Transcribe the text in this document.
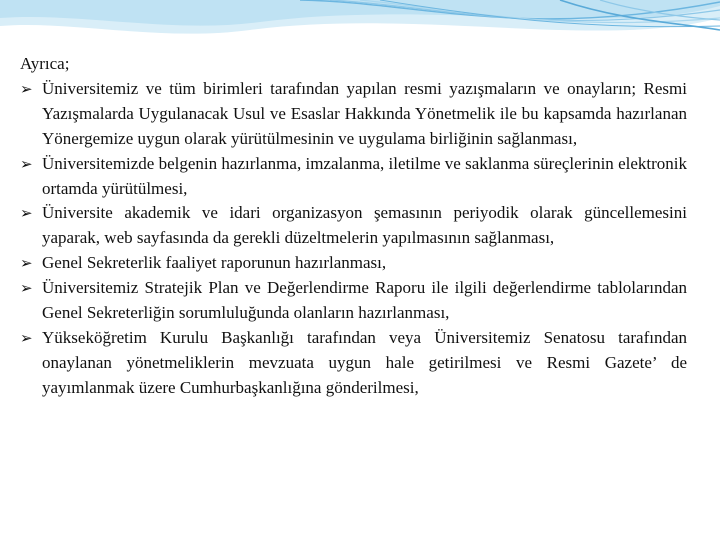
Ayrıca;

➢ Üniversitemiz ve tüm birimleri tarafından yapılan resmi yazışmaların ve onayların; Resmi Yazışmalarda Uygulanacak Usul ve Esaslar Hakkında Yönetmelik ile bu kapsamda hazırlanan Yönergemize uygun olarak yürütülmesinin ve uygulama birliğinin sağlanması,
➢ Üniversitemizde belgenin hazırlanma, imzalanma, iletilme ve saklanma süreçlerinin elektronik ortamda yürütülmesi,
➢ Üniversite akademik ve idari organizasyon şemasının periyodik olarak güncellemesini yaparak, web sayfasında da gerekli düzeltmelerin yapılmasının sağlanması,
➢ Genel Sekreterlik faaliyet raporunun hazırlanması,
➢ Üniversitemiz Stratejik Plan ve Değerlendirme Raporu ile ilgili değerlendirme tablolarından Genel Sekreterliğin sorumluluğunda olanların hazırlanması,
➢ Yükseköğretim Kurulu Başkanlığı tarafından veya Üniversitemiz Senatosu tarafından onaylanan yönetmeliklerin mevzuata uygun hale getirilmesi ve Resmi Gazete’ de yayımlanmak üzere Cumhurbaşkanlığına gönderilmesi,
